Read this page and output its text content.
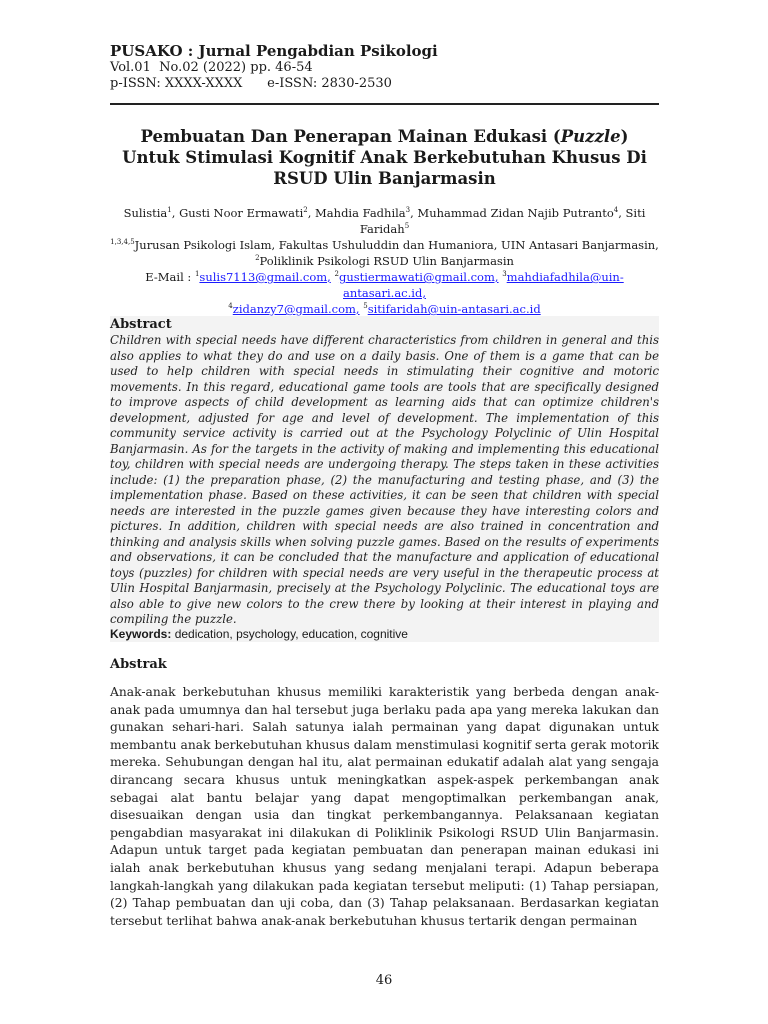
PUSAKO : Jurnal Pengabdian Psikologi

Vol.01  No.02 (2022) pp. 46-54

p-ISSN: XXXX-XXXX      e-ISSN: 2830-2530

Pembuatan Dan Penerapan Mainan Edukasi (Puzzle) Untuk Stimulasi Kognitif Anak Berkebutuhan Khusus Di RSUD Ulin Banjarmasin
Sulistia$^1$, Gusti Noor Ermawati$^2$, Mahdia Fadhila$^3$, Muhammad Zidan Najib Putranto$^4$, Siti Faridah$^5$
$^{1,3,4,5}$Jurusan Psikologi Islam, Fakultas Ushuluddin dan Humaniora, UIN Antasari Banjarmasin,
$^2$Poliklinik Psikologi RSUD Ulin Banjarmasin
E-Mail : $^1$sulis7113@gmail.com, $^2$gustiermawati@gmail.com, $^3$mahdiafadhila@uin-antasari.ac.id,
$^4$zidanzy7@gmail.com, $^5$sitifaridah@uin-antasari.ac.id

Abstract

Children with special needs have different characteristics from children in general and this also applies to what they do and use on a daily basis. One of them is a game that can be used to help children with special needs in stimulating their cognitive and motoric movements. In this regard, educational game tools are tools that are specifically designed to improve aspects of child development as learning aids that can optimize children's development, adjusted for age and level of development. The implementation of this community service activity is carried out at the Psychology Polyclinic of Ulin Hospital Banjarmasin. As for the targets in the activity of making and implementing this educational toy, children with special needs are undergoing therapy. The steps taken in these activities include: (1) the preparation phase, (2) the manufacturing and testing phase, and (3) the implementation phase. Based on these activities, it can be seen that children with special needs are interested in the puzzle games given because they have interesting colors and pictures. In addition, children with special needs are also trained in concentration and thinking and analysis skills when solving puzzle games. Based on the results of experiments and observations, it can be concluded that the manufacture and application of educational toys (puzzles) for children with special needs are very useful in the therapeutic process at Ulin Hospital Banjarmasin, precisely at the Psychology Polyclinic. The educational toys are also able to give new colors to the crew there by looking at their interest in playing and compiling the puzzle.

Keywords: dedication, psychology, education, cognitive

Abstrak

Anak-anak berkebutuhan khusus memiliki karakteristik yang berbeda dengan anak-anak pada umumnya dan hal tersebut juga berlaku pada apa yang mereka lakukan dan gunakan sehari-hari. Salah satunya ialah permainan yang dapat digunakan untuk membantu anak berkebutuhan khusus dalam menstimulasi kognitif serta gerak motorik mereka. Sehubungan dengan hal itu, alat permainan edukatif adalah alat yang sengaja dirancang secara khusus untuk meningkatkan aspek-aspek perkembangan anak sebagai alat bantu belajar yang dapat mengoptimalkan perkembangan anak, disesuaikan dengan usia dan tingkat perkembangannya. Pelaksanaan kegiatan pengabdian masyarakat ini dilakukan di Poliklinik Psikologi RSUD Ulin Banjarmasin. Adapun untuk target pada kegiatan pembuatan dan penerapan mainan edukasi ini ialah anak berkebutuhan khusus yang sedang menjalani terapi. Adapun beberapa langkah-langkah yang dilakukan pada kegiatan tersebut meliputi: (1) Tahap persiapan, (2) Tahap pembuatan dan uji coba, dan (3) Tahap pelaksanaan. Berdasarkan kegiatan tersebut terlihat bahwa anak-anak berkebutuhan khusus tertarik dengan permainan

46
